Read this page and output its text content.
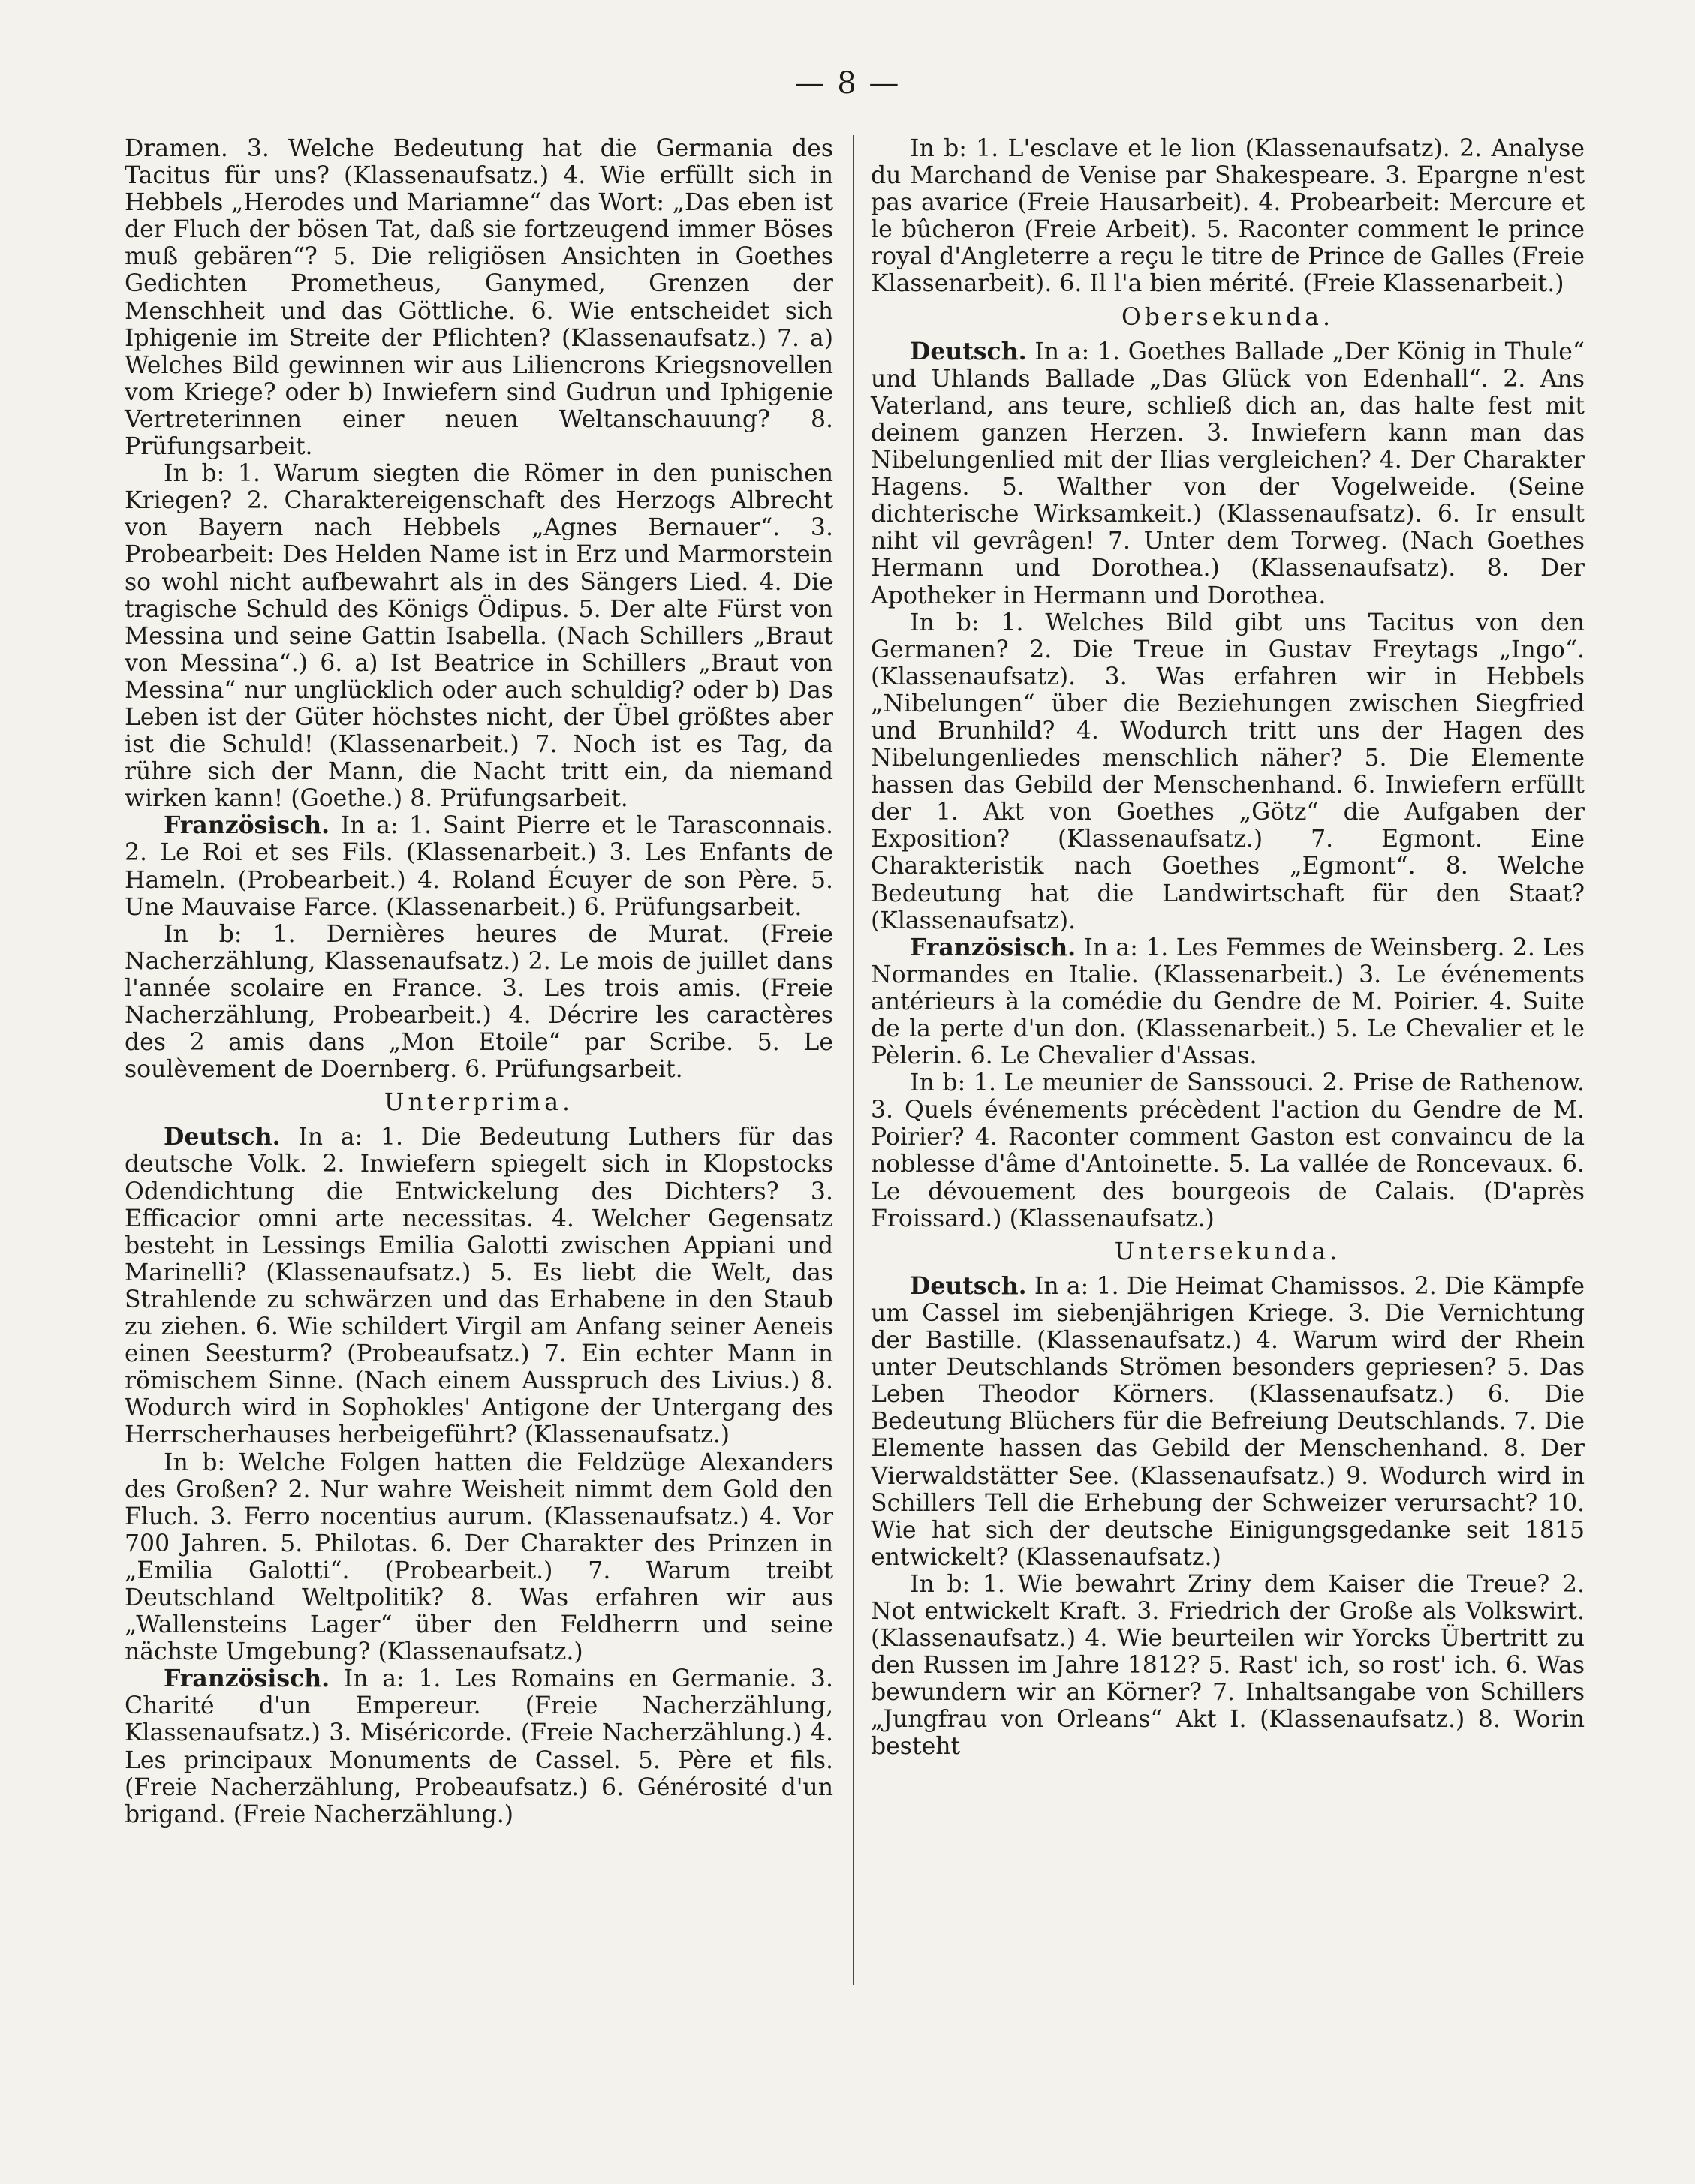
— 8 —

Dramen. 3. Welche Bedeutung hat die Germania des Tacitus für uns? (Klassenaufsatz.) 4. Wie erfüllt sich in Hebbels „Herodes und Mariamne“ das Wort: „Das eben ist der Fluch der bösen Tat, daß sie fortzeugend immer Böses muß gebären“? 5. Die religiösen Ansichten in Goethes Gedichten Prometheus, Ganymed, Grenzen der Menschheit und das Göttliche. 6. Wie entscheidet sich Iphigenie im Streite der Pflichten? (Klassenaufsatz.) 7. a) Welches Bild gewinnen wir aus Liliencrons Kriegsnovellen vom Kriege? oder b) Inwiefern sind Gudrun und Iphigenie Vertreterinnen einer neuen Weltanschauung? 8. Prüfungsarbeit.

In b: 1. Warum siegten die Römer in den punischen Kriegen? 2. Charaktereigenschaft des Herzogs Albrecht von Bayern nach Hebbels „Agnes Bernauer“. 3. Probearbeit: Des Helden Name ist in Erz und Marmorstein so wohl nicht aufbewahrt als in des Sängers Lied. 4. Die tragische Schuld des Königs Ödipus. 5. Der alte Fürst von Messina und seine Gattin Isabella. (Nach Schillers „Braut von Messina“.) 6. a) Ist Beatrice in Schillers „Braut von Messina“ nur unglücklich oder auch schuldig? oder b) Das Leben ist der Güter höchstes nicht, der Übel größtes aber ist die Schuld! (Klassenarbeit.) 7. Noch ist es Tag, da rühre sich der Mann, die Nacht tritt ein, da niemand wirken kann! (Goethe.) 8. Prüfungsarbeit.

Französisch. In a: 1. Saint Pierre et le Tarasconnais. 2. Le Roi et ses Fils. (Klassenarbeit.) 3. Les Enfants de Hameln. (Probearbeit.) 4. Roland Écuyer de son Père. 5. Une Mauvaise Farce. (Klassenarbeit.) 6. Prüfungsarbeit.

In b: 1. Dernières heures de Murat. (Freie Nacherzählung, Klassenaufsatz.) 2. Le mois de juillet dans l'année scolaire en France. 3. Les trois amis. (Freie Nacherzählung, Probearbeit.) 4. Décrire les caractères des 2 amis dans „Mon Etoile“ par Scribe. 5. Le soulèvement de Doernberg. 6. Prüfungsarbeit.

Unterprima.

Deutsch. In a: 1. Die Bedeutung Luthers für das deutsche Volk. 2. Inwiefern spiegelt sich in Klopstocks Odendichtung die Entwickelung des Dichters? 3. Efficacior omni arte necessitas. 4. Welcher Gegensatz besteht in Lessings Emilia Galotti zwischen Appiani und Marinelli? (Klassenaufsatz.) 5. Es liebt die Welt, das Strahlende zu schwärzen und das Erhabene in den Staub zu ziehen. 6. Wie schildert Virgil am Anfang seiner Aeneis einen Seesturm? (Probeaufsatz.) 7. Ein echter Mann in römischem Sinne. (Nach einem Ausspruch des Livius.) 8. Wodurch wird in Sophokles' Antigone der Untergang des Herrscherhauses herbeigeführt? (Klassenaufsatz.)

In b: Welche Folgen hatten die Feldzüge Alexanders des Großen? 2. Nur wahre Weisheit nimmt dem Gold den Fluch. 3. Ferro nocentius aurum. (Klassenaufsatz.) 4. Vor 700 Jahren. 5. Philotas. 6. Der Charakter des Prinzen in „Emilia Galotti“. (Probearbeit.) 7. Warum treibt Deutschland Weltpolitik? 8. Was erfahren wir aus „Wallensteins Lager“ über den Feldherrn und seine nächste Umgebung? (Klassenaufsatz.)

Französisch. In a: 1. Les Romains en Germanie. 3. Charité d'un Empereur. (Freie Nacherzählung, Klassenaufsatz.) 3. Miséricorde. (Freie Nacherzählung.) 4. Les principaux Monuments de Cassel. 5. Père et fils. (Freie Nacherzählung, Probeaufsatz.) 6. Générosité d'un brigand. (Freie Nacherzählung.)

In b: 1. L'esclave et le lion (Klassenaufsatz). 2. Analyse du Marchand de Venise par Shakespeare. 3. Epargne n'est pas avarice (Freie Hausarbeit). 4. Probearbeit: Mercure et le bûcheron (Freie Arbeit). 5. Raconter comment le prince royal d'Angleterre a reçu le titre de Prince de Galles (Freie Klassenarbeit). 6. Il l'a bien mérité. (Freie Klassenarbeit.)

Obersekunda.

Deutsch. In a: 1. Goethes Ballade „Der König in Thule“ und Uhlands Ballade „Das Glück von Edenhall“. 2. Ans Vaterland, ans teure, schließ dich an, das halte fest mit deinem ganzen Herzen. 3. Inwiefern kann man das Nibelungenlied mit der Ilias vergleichen? 4. Der Charakter Hagens. 5. Walther von der Vogelweide. (Seine dichterische Wirksamkeit.) (Klassenaufsatz). 6. Ir ensult niht vil gevrâgen! 7. Unter dem Torweg. (Nach Goethes Hermann und Dorothea.) (Klassenaufsatz). 8. Der Apotheker in Hermann und Dorothea.

In b: 1. Welches Bild gibt uns Tacitus von den Germanen? 2. Die Treue in Gustav Freytags „Ingo“. (Klassenaufsatz). 3. Was erfahren wir in Hebbels „Nibelungen“ über die Beziehungen zwischen Siegfried und Brunhild? 4. Wodurch tritt uns der Hagen des Nibelungenliedes menschlich näher? 5. Die Elemente hassen das Gebild der Menschenhand. 6. Inwiefern erfüllt der 1. Akt von Goethes „Götz“ die Aufgaben der Exposition? (Klassenaufsatz.) 7. Egmont. Eine Charakteristik nach Goethes „Egmont“. 8. Welche Bedeutung hat die Landwirtschaft für den Staat? (Klassenaufsatz).

Französisch. In a: 1. Les Femmes de Weinsberg. 2. Les Normandes en Italie. (Klassenarbeit.) 3. Le événements antérieurs à la comédie du Gendre de M. Poirier. 4. Suite de la perte d'un don. (Klassenarbeit.) 5. Le Chevalier et le Pèlerin. 6. Le Chevalier d'Assas.

In b: 1. Le meunier de Sanssouci. 2. Prise de Rathenow. 3. Quels événements précèdent l'action du Gendre de M. Poirier? 4. Raconter comment Gaston est convaincu de la noblesse d'âme d'Antoinette. 5. La vallée de Roncevaux. 6. Le dévouement des bourgeois de Calais. (D'après Froissard.) (Klassenaufsatz.)

Untersekunda.

Deutsch. In a: 1. Die Heimat Chamissos. 2. Die Kämpfe um Cassel im siebenjährigen Kriege. 3. Die Vernichtung der Bastille. (Klassenaufsatz.) 4. Warum wird der Rhein unter Deutschlands Strömen besonders gepriesen? 5. Das Leben Theodor Körners. (Klassenaufsatz.) 6. Die Bedeutung Blüchers für die Befreiung Deutschlands. 7. Die Elemente hassen das Gebild der Menschenhand. 8. Der Vierwaldstätter See. (Klassenaufsatz.) 9. Wodurch wird in Schillers Tell die Erhebung der Schweizer verursacht? 10. Wie hat sich der deutsche Einigungsgedanke seit 1815 entwickelt? (Klassenaufsatz.)

In b: 1. Wie bewahrt Zriny dem Kaiser die Treue? 2. Not entwickelt Kraft. 3. Friedrich der Große als Volkswirt. (Klassenaufsatz.) 4. Wie beurteilen wir Yorcks Übertritt zu den Russen im Jahre 1812? 5. Rast' ich, so rost' ich. 6. Was bewundern wir an Körner? 7. Inhaltsangabe von Schillers „Jungfrau von Orleans“ Akt I. (Klassenaufsatz.) 8. Worin besteht
